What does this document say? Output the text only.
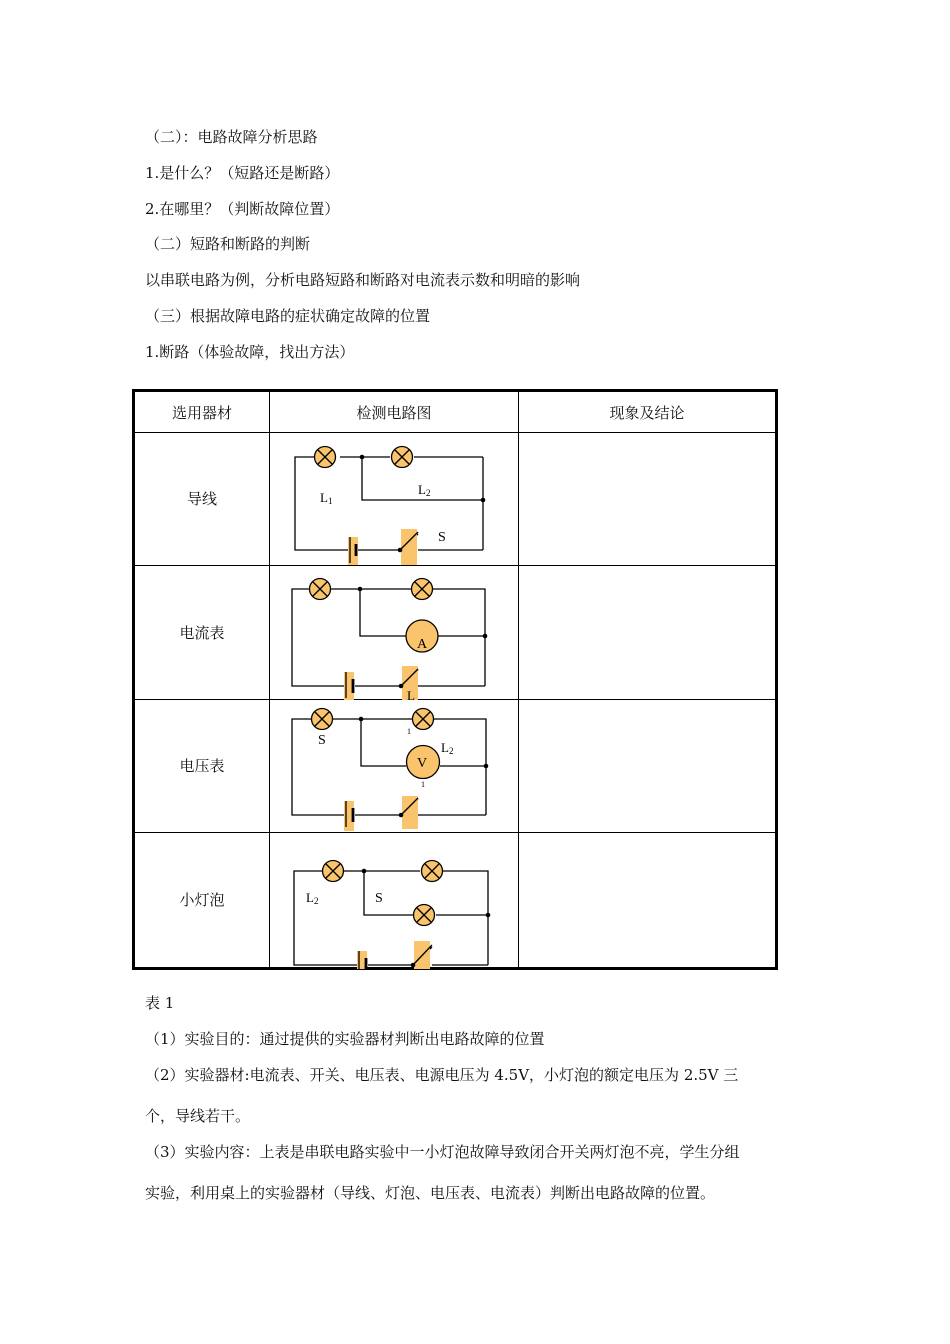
（二）：电路故障分析思路
1.是什么？（短路还是断路）
2.在哪里？（判断故障位置）
（二）短路和断路的判断
以串联电路为例，分析电路短路和断路对电流表示数和明暗的影响
（三）根据故障电路的症状确定故障的位置
1.断路（体验故障，找出方法）
选用器材	检测电路图	现象及结论
导线	L1
L2
S	

电流表	A
L	

电压表	V
1
S
1
L2	

小灯泡	L2 S	

表 1
（1）实验目的：通过提供的实验器材判断出电路故障的位置
（2）实验器材:电流表、开关、电压表、电源电压为 4.5V，小灯泡的额定电压为 2.5V 三
个，导线若干。
（3）实验内容：上表是串联电路实验中一小灯泡故障导致闭合开关两灯泡不亮，学生分组
实验，利用桌上的实验器材（导线、灯泡、电压表、电流表）判断出电路故障的位置。
